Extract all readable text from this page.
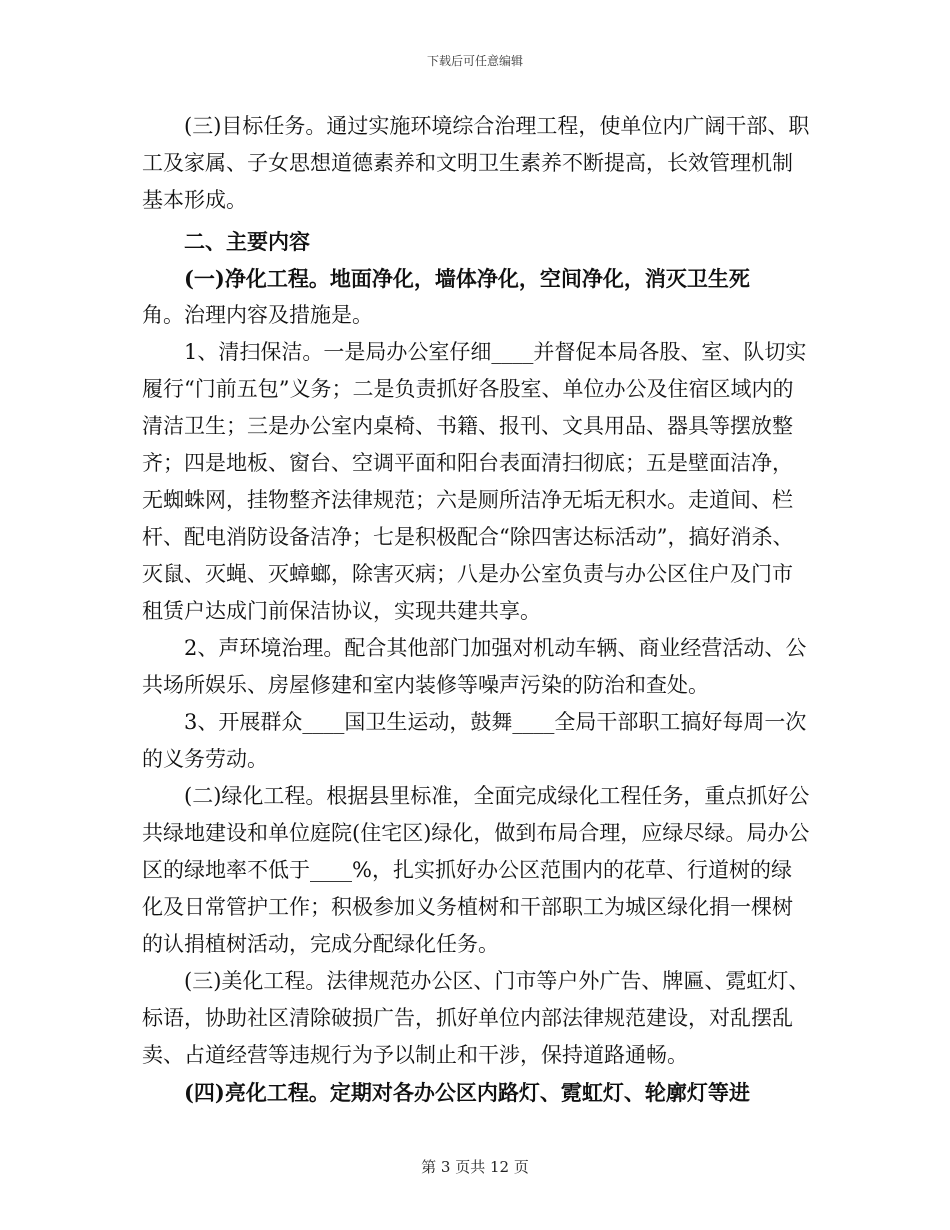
下载后可任意编辑

(三)目标任务。通过实施环境综合治理工程，使单位内广阔干部、职工及家属、子女思想道德素养和文明卫生素养不断提高，长效管理机制基本形成。

二、主要内容

(一)净化工程。地面净化，墙体净化，空间净化，消灭卫生死

角。治理内容及措施是。

1、清扫保洁。一是局办公室仔细____并督促本局各股、室、队切实履行“门前五包”义务；二是负责抓好各股室、单位办公及住宿区域内的清洁卫生；三是办公室内桌椅、书籍、报刊、文具用品、器具等摆放整齐；四是地板、窗台、空调平面和阳台表面清扫彻底；五是壁面洁净，无蜘蛛网，挂物整齐法律规范；六是厕所洁净无垢无积水。走道间、栏杆、配电消防设备洁净；七是积极配合“除四害达标活动”，搞好消杀、灭鼠、灭蝇、灭蟑螂，除害灭病；八是办公室负责与办公区住户及门市租赁户达成门前保洁协议，实现共建共享。

2、声环境治理。配合其他部门加强对机动车辆、商业经营活动、公共场所娱乐、房屋修建和室内装修等噪声污染的防治和查处。

3、开展群众____国卫生运动，鼓舞____全局干部职工搞好每周一次的义务劳动。

(二)绿化工程。根据县里标准，全面完成绿化工程任务，重点抓好公共绿地建设和单位庭院(住宅区)绿化，做到布局合理，应绿尽绿。局办公区的绿地率不低于____%，扎实抓好办公区范围内的花草、行道树的绿化及日常管护工作；积极参加义务植树和干部职工为城区绿化捐一棵树的认捐植树活动，完成分配绿化任务。

(三)美化工程。法律规范办公区、门市等户外广告、牌匾、霓虹灯、标语，协助社区清除破损广告，抓好单位内部法律规范建设，对乱摆乱卖、占道经营等违规行为予以制止和干涉，保持道路通畅。

(四)亮化工程。定期对各办公区内路灯、霓虹灯、轮廓灯等进

第 3 页共 12 页
